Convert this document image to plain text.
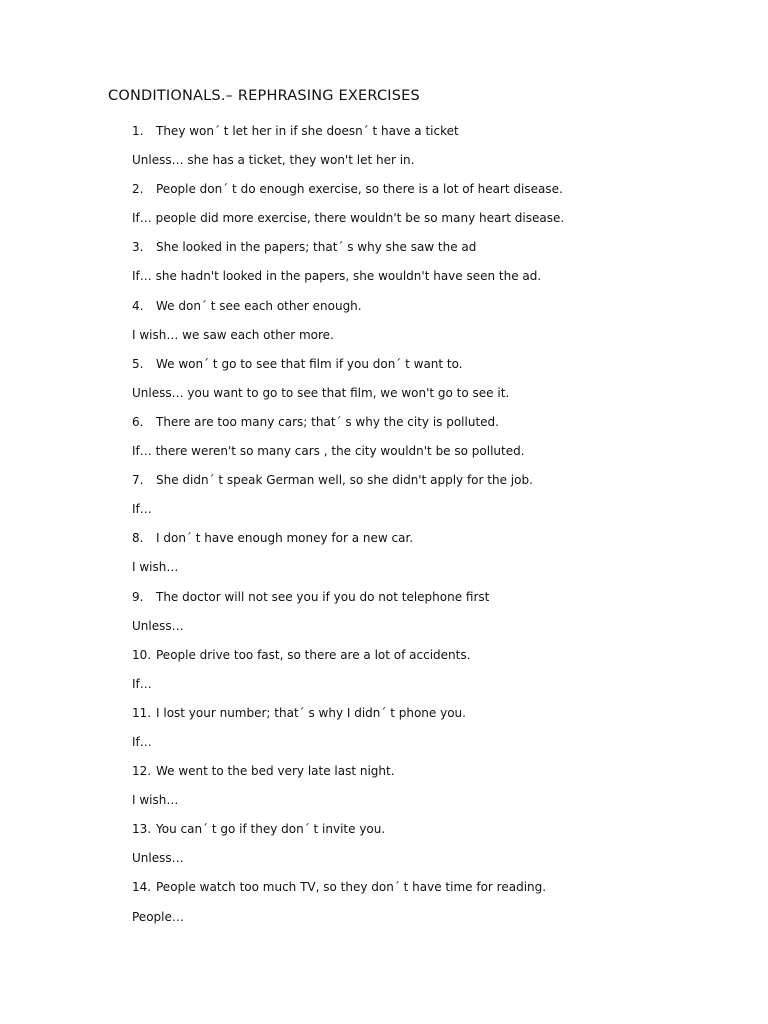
CONDITIONALS.– REPHRASING EXERCISES
1. They won´ t let her in if she doesn´ t have a ticket
Unless… she has a ticket, they won't let her in.
2. People don´ t do enough exercise, so there is a lot of heart disease.
If… people did more exercise, there wouldn't be so many heart disease.
3. She looked in the papers; that´ s why she saw the ad
If… she hadn't looked in the papers, she wouldn't have seen the ad.
4. We don´ t see each other enough.
I wish… we saw each other more.
5. We won´ t go to see that film if you don´ t want to.
Unless… you want to go to see that film, we won't go to see it.
6. There are too many cars; that´ s why the city is polluted.
If… there weren't so many cars , the city wouldn't be so polluted.
7. She didn´ t speak German well, so she didn't apply for the job.
If…
8. I don´ t have enough money for a new car.
I wish…
9. The doctor will not see you if you do not telephone first
Unless…
10. People drive too fast, so there are a lot of accidents.
If…
11. I lost your number; that´ s why I didn´ t phone you.
If…
12. We went to the bed very late last night.
I wish…
13. You can´ t go if they don´ t invite you.
Unless…
14. People watch too much TV, so they don´ t have time for reading.
People…
